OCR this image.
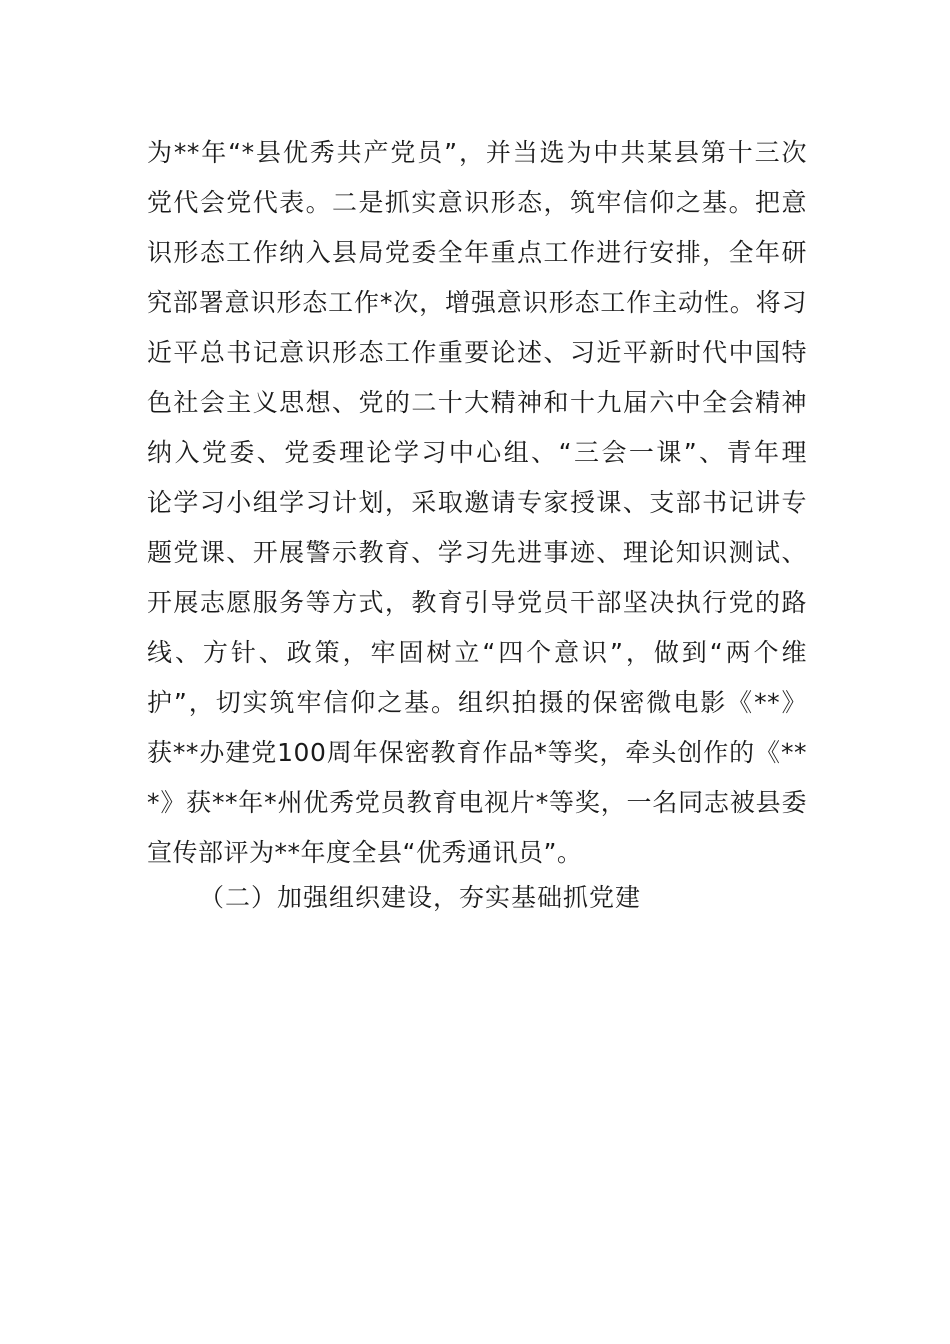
为**年“*县优秀共产党员”，并当选为中共某县第十三次
党代会党代表。二是抓实意识形态，筑牢信仰之基。把意
识形态工作纳入县局党委全年重点工作进行安排，全年研
究部署意识形态工作*次，增强意识形态工作主动性。将习
近平总书记意识形态工作重要论述、习近平新时代中国特
色社会主义思想、党的二十大精神和十九届六中全会精神
纳入党委、党委理论学习中心组、“三会一课”、青年理
论学习小组学习计划，采取邀请专家授课、支部书记讲专
题党课、开展警示教育、学习先进事迹、理论知识测试、
开展志愿服务等方式，教育引导党员干部坚决执行党的路
线、方针、政策，牢固树立“四个意识”，做到“两个维
护”，切实筑牢信仰之基。组织拍摄的保密微电影《**》
获**办建党100周年保密教育作品*等奖，牵头创作的《**
*》获**年*州优秀党员教育电视片*等奖，一名同志被县委
宣传部评为**年度全县“优秀通讯员”。
（二）加强组织建设，夯实基础抓党建
